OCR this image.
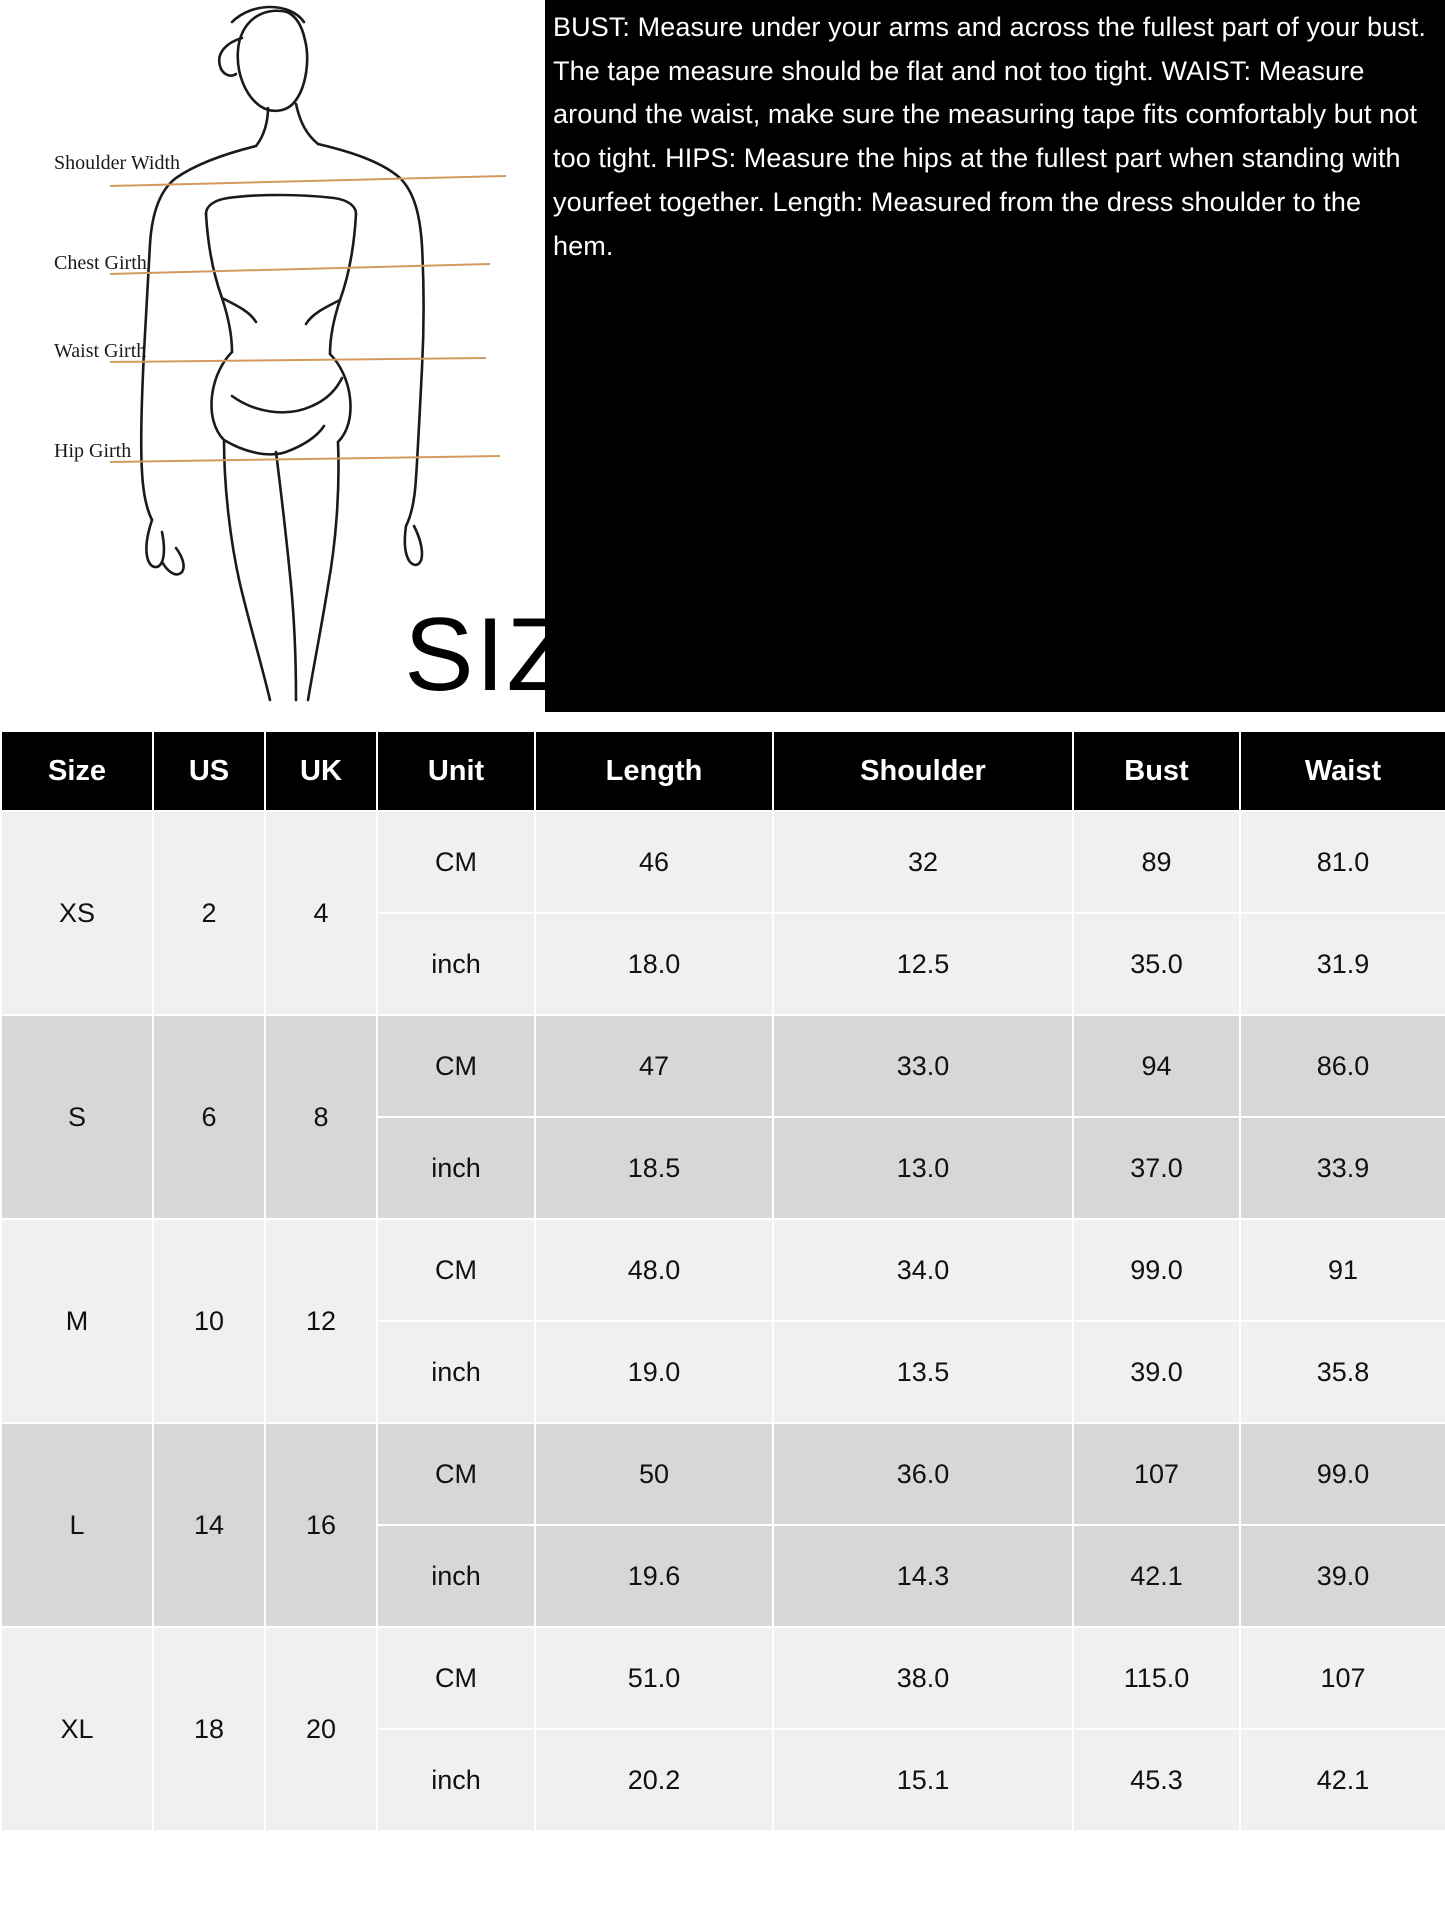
Shoulder Width
Chest Girth
Waist Girth
Hip Girth

BUST: Measure under your arms and across the fullest part of your bust. The tape measure should be flat and not too tight. WAIST: Measure around the waist, make sure the measuring tape fits comfortably but not too tight. HIPS: Measure the hips at the fullest part when standing with yourfeet together. Length: Measured from the dress shoulder to the hem.

SIZE CHART
Size	US	UK	Unit	Length	Shoulder	Bust	Waist
XS	2	4	CM	46	32	89	81.0
			inch	18.0	12.5	35.0	31.9
S	6	8	CM	47	33.0	94	86.0
			inch	18.5	13.0	37.0	33.9
M	10	12	CM	48.0	34.0	99.0	91
			inch	19.0	13.5	39.0	35.8
L	14	16	CM	50	36.0	107	99.0
			inch	19.6	14.3	42.1	39.0
XL	18	20	CM	51.0	38.0	115.0	107
			inch	20.2	15.1	45.3	42.1
